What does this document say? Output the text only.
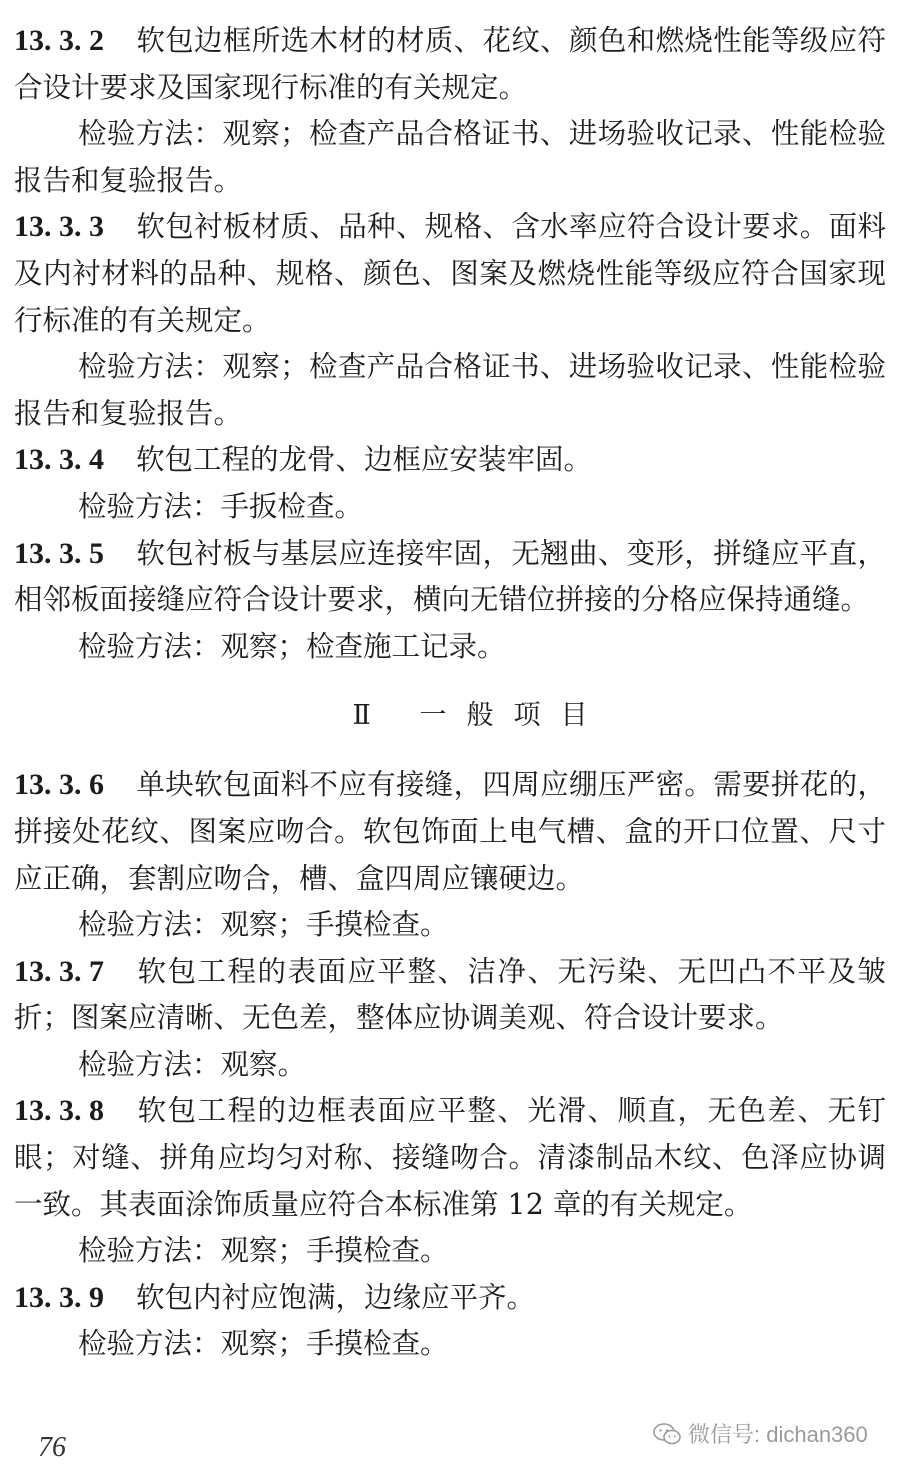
13. 3. 2 软包边框所选木材的材质、花纹、颜色和燃烧性能等级应符合设计要求及国家现行标准的有关规定。

检验方法：观察；检查产品合格证书、进场验收记录、性能检验报告和复验报告。

13. 3. 3 软包衬板材质、品种、规格、含水率应符合设计要求。面料及内衬材料的品种、规格、颜色、图案及燃烧性能等级应符合国家现行标准的有关规定。

检验方法：观察；检查产品合格证书、进场验收记录、性能检验报告和复验报告。

13. 3. 4 软包工程的龙骨、边框应安装牢固。

检验方法：手扳检查。

13. 3. 5 软包衬板与基层应连接牢固，无翘曲、变形，拼缝应平直，相邻板面接缝应符合设计要求，横向无错位拼接的分格应保持通缝。

检验方法：观察；检查施工记录。

Ⅱ 一般项目

13. 3. 6 单块软包面料不应有接缝，四周应绷压严密。需要拼花的，拼接处花纹、图案应吻合。软包饰面上电气槽、盒的开口位置、尺寸应正确，套割应吻合，槽、盒四周应镶硬边。

检验方法：观察；手摸检查。

13. 3. 7 软包工程的表面应平整、洁净、无污染、无凹凸不平及皱折；图案应清晰、无色差，整体应协调美观、符合设计要求。

检验方法：观察。

13. 3. 8 软包工程的边框表面应平整、光滑、顺直，无色差、无钉眼；对缝、拼角应均匀对称、接缝吻合。清漆制品木纹、色泽应协调一致。其表面涂饰质量应符合本标准第 12 章的有关规定。

检验方法：观察；手摸检查。

13. 3. 9 软包内衬应饱满，边缘应平齐。

检验方法：观察；手摸检查。

76	微信号: dichan360
